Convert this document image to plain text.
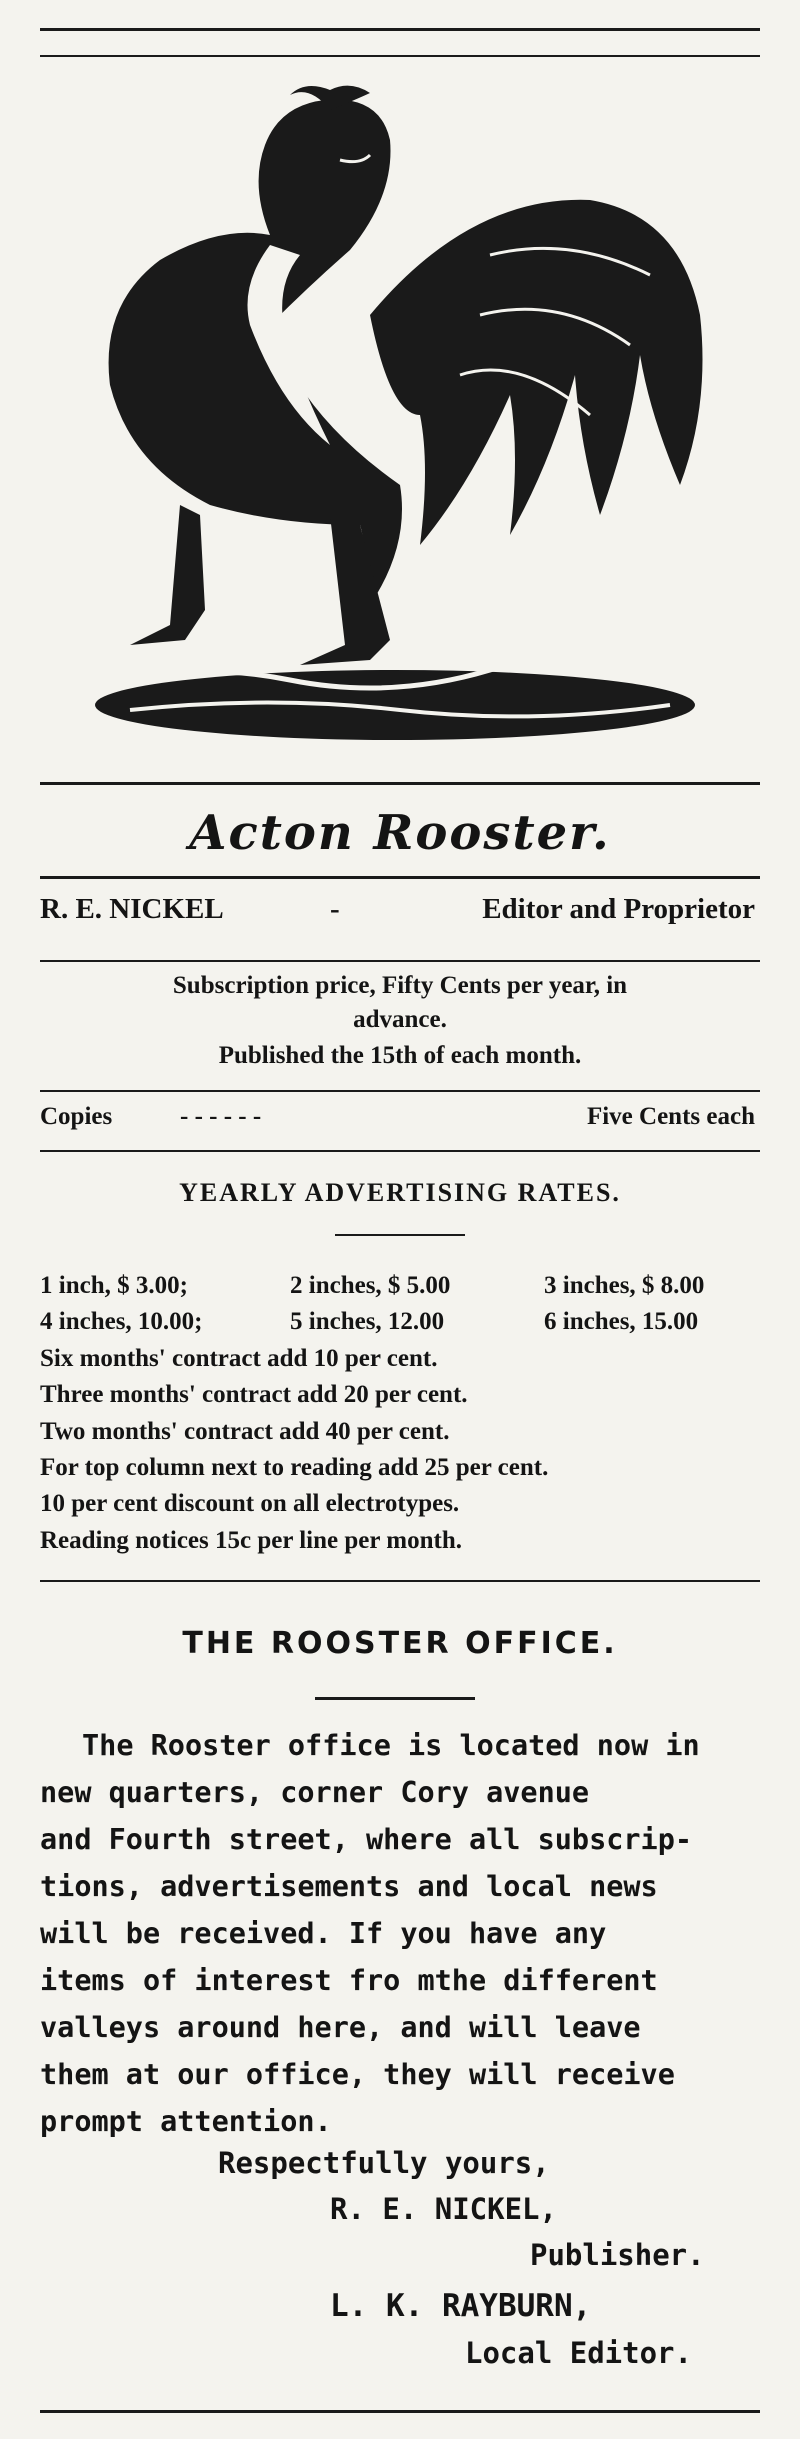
Acton Rooster.
R. E. NICKEL	-	Editor and Proprietor
Subscription price, Fifty Cents per year, in
advance.
Published the 15th of each month.
Copies	- - - - - -	Five Cents each
YEARLY ADVERTISING RATES.
1 inch, $ 3.00;	2 inches, $ 5.00	3 inches, $ 8.00
4 inches, 10.00;	5 inches, 12.00	6 inches, 15.00
Six months' contract add 10 per cent.
Three months' contract add 20 per cent.
Two months' contract add 40 per cent.
For top column next to reading add 25 per cent.
10 per cent discount on all electrotypes.
Reading notices 15c per line per month.
THE ROOSTER OFFICE.
The Rooster office is located now in
new quarters, corner Cory avenue
and Fourth street, where all subscrip-
tions, advertisements and local news
will be received. If you have any
items of interest fro mthe different
valleys around here, and will leave
them at our office, they will receive
prompt attention.
Respectfully yours,
R. E. NICKEL,
Publisher.
L. K. RAYBURN,
Local Editor.
